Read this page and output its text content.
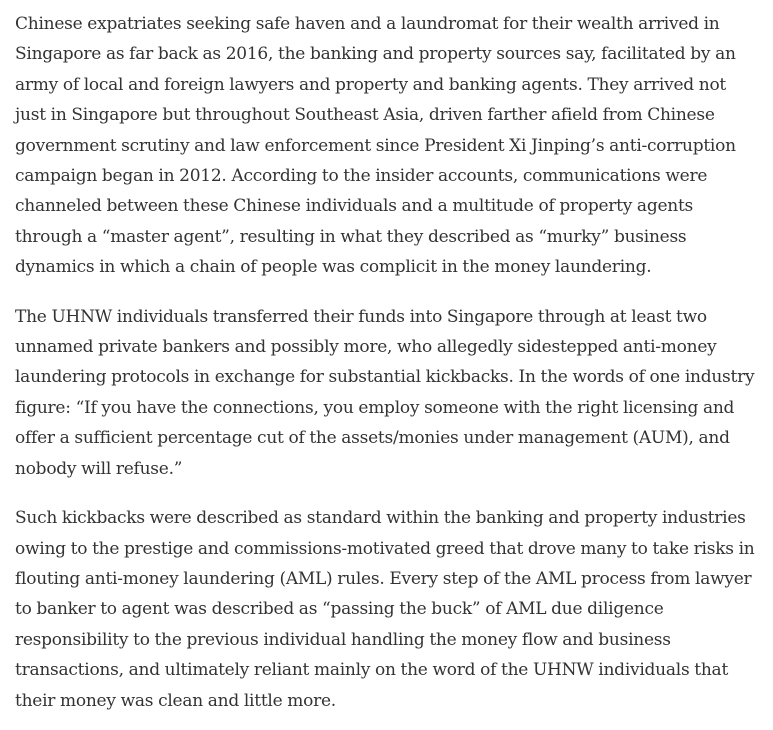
Chinese expatriates seeking safe haven and a laundromat for their wealth arrived in Singapore as far back as 2016, the banking and property sources say, facilitated by an army of local and foreign lawyers and property and banking agents. They arrived not just in Singapore but throughout Southeast Asia, driven farther afield from Chinese government scrutiny and law enforcement since President Xi Jinping’s anti-corruption campaign began in 2012. According to the insider accounts, communications were channeled between these Chinese individuals and a multitude of property agents through a “master agent”, resulting in what they described as “murky” business dynamics in which a chain of people was complicit in the money laundering.

The UHNW individuals transferred their funds into Singapore through at least two unnamed private bankers and possibly more, who allegedly sidestepped anti-money laundering protocols in exchange for substantial kickbacks. In the words of one industry figure: “If you have the connections, you employ someone with the right licensing and offer a sufficient percentage cut of the assets/monies under management (AUM), and nobody will refuse.”

Such kickbacks were described as standard within the banking and property industries owing to the prestige and commissions-motivated greed that drove many to take risks in flouting anti-money laundering (AML) rules. Every step of the AML process from lawyer to banker to agent was described as “passing the buck” of AML due diligence responsibility to the previous individual handling the money flow and business transactions, and ultimately reliant mainly on the word of the UHNW individuals that their money was clean and little more.
